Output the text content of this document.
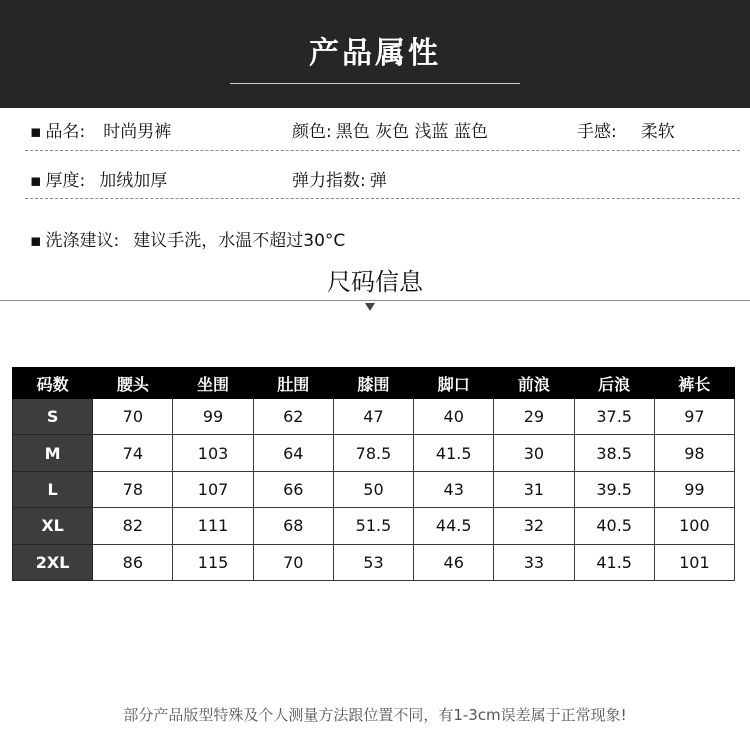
产品属性
▪ 品名: 时尚男裤	颜色: 黑色 灰色 浅蓝 蓝色	手感: 柔软
▪ 厚度: 加绒加厚	弹力指数: 弹
▪ 洗涤建议: 建议手洗，水温不超过30°C
尺码信息
码数	腰头	坐围	肚围	膝围	脚口	前浪	后浪	裤长
S	70	99	62	47	40	29	37.5	97
M	74	103	64	78.5	41.5	30	38.5	98
L	78	107	66	50	43	31	39.5	99
XL	82	111	68	51.5	44.5	32	40.5	100
2XL	86	115	70	53	46	33	41.5	101
部分产品版型特殊及个人测量方法跟位置不同，有1-3cm误差属于正常现象!
